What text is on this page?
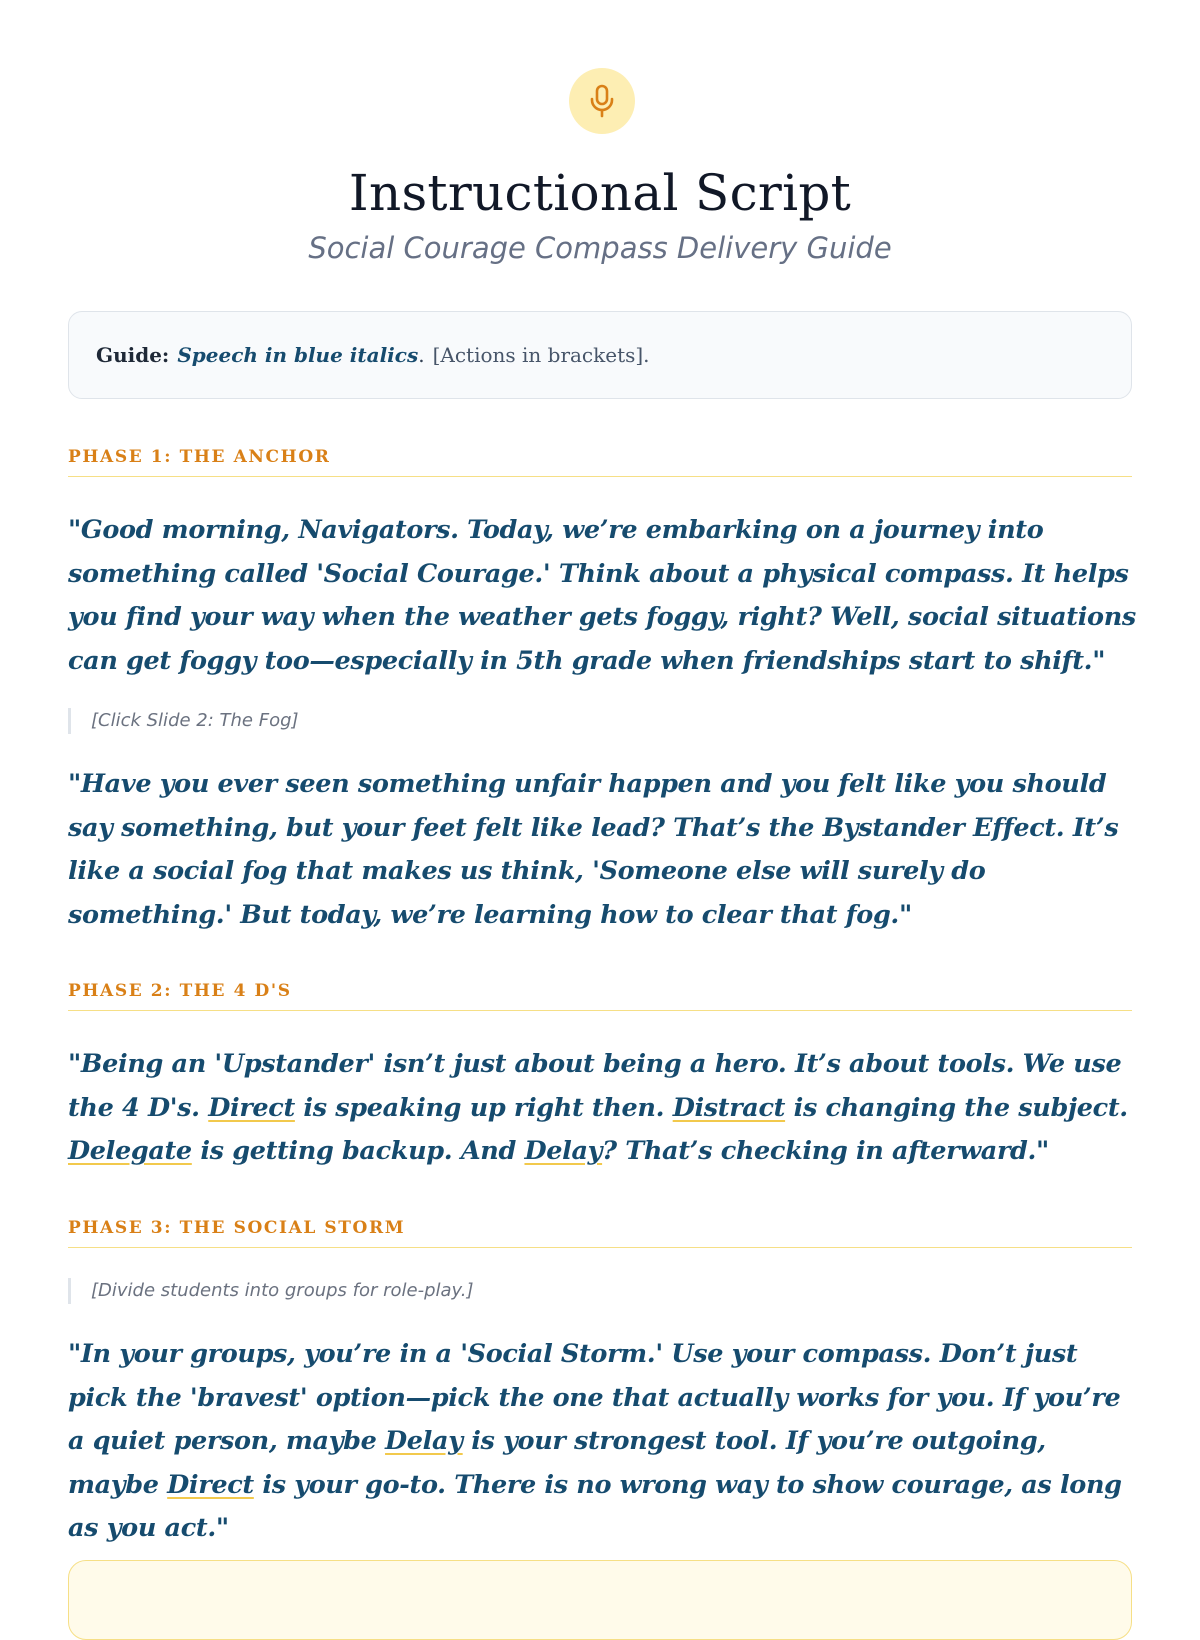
Instructional Script
Social Courage Compass Delivery Guide
Guide: Speech in blue italics . [Actions in brackets].
PHASE 1: THE ANCHOR
"Good morning, Navigators. Today, we’re embarking on a journey into something called 'Social Courage.' Think about a physical compass. It helps you find your way when the weather gets foggy, right? Well, social situations can get foggy too—especially in 5th grade when friendships start to shift."
[Click Slide 2: The Fog]
"Have you ever seen something unfair happen and you felt like you should say something, but your feet felt like lead? That’s the Bystander Effect. It’s like a social fog that makes us think, 'Someone else will surely do something.' But today, we’re learning how to clear that fog."
PHASE 2: THE 4 D'S
"Being an 'Upstander' isn’t just about being a hero. It’s about tools. We use the 4 D's. Direct is speaking up right then. Distract is changing the subject. Delegate is getting backup. And Delay? That’s checking in afterward."
PHASE 3: THE SOCIAL STORM
[Divide students into groups for role-play.]
"In your groups, you’re in a 'Social Storm.' Use your compass. Don’t just pick the 'bravest' option—pick the one that actually works for you. If you’re a quiet person, maybe Delay is your strongest tool. If you’re outgoing, maybe Direct is your go-to. There is no wrong way to show courage, as long as you act."
